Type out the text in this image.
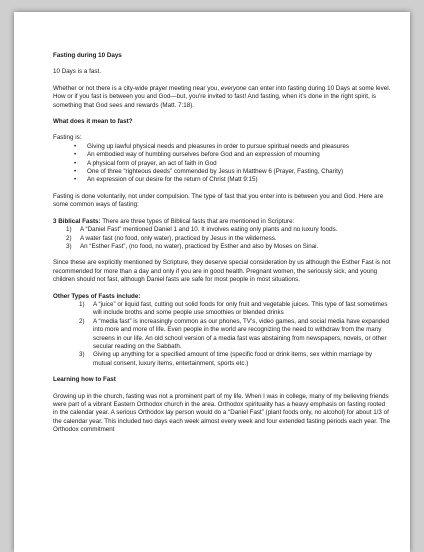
Fasting during 10 Days

10 Days is a fast.

Whether or not there is a city-wide prayer meeting near you, everyone can enter into fasting during 10 Days at some level. How or if you fast is between you and God—but, you’re invited to fast! And fasting, when it’s done in the right spirit, is something that God sees and rewards (Matt. 7:18).

What does it mean to fast?

Fasting is:

• Giving up lawful physical needs and pleasures in order to pursue spiritual needs and pleasures
• An embodied way of humbling ourselves before God and an expression of mourning
• A physical form of prayer, an act of faith in God
• One of three “righteous deeds” commended by Jesus in Matthew 6 (Prayer, Fasting, Charity)
• An expression of our desire for the return of Christ (Matt 9:15)

Fasting is done voluntarily, not under compulsion. The type of fast that you enter into is between you and God. Here are some common ways of fasting:

3 Biblical Fasts: There are three types of Biblical fasts that are mentioned in Scripture:

1) A “Daniel Fast” mentioned Daniel 1 and 10. It involves eating only plants and no luxury foods.
2) A water fast (no food, only water), practiced by Jesus in the wilderness.
3) An “Esther Fast”, (no food, no water), practiced by Esther and also by Moses on Sinai.

Since these are explicitly mentioned by Scripture, they deserve special consideration by us although the Esther Fast is not recommended for more than a day and only if you are in good health. Pregnant women, the seriously sick, and young children should not fast, although Daniel fasts are safe for most people in most situations.

Other Types of Fasts include:

1) A “juice” or liquid fast, cutting out solid foods for only fruit and vegetable juices. This type of fast sometimes will include broths and some people use smoothies or blended drinks
2) A “media fast” is increasingly common as our phones, TV’s, video games, and social media have expanded into more and more of life. Even people in the world are recognizing the need to withdraw from the many screens in our life. An old school version of a media fast was abstaining from newspapers, novels, or other secular reading on the Sabbath.
3) Giving up anything for a specified amount of time (specific food or drink items, sex within marriage by mutual consent, luxury items, entertainment, sports etc.)

Learning how to Fast

Growing up in the church, fasting was not a prominent part of my life. When I was in college, many of my believing friends were part of a vibrant Eastern Orthodox church in the area. Orthodox spirituality has a heavy emphasis on fasting rooted in the calendar year. A serious Orthodox lay person would do a “Daniel Fast” (plant foods only, no alcohol) for about 1/3 of the calendar year. This included two days each week almost every week and four extended fasting periods each year. The Orthodox commitment
